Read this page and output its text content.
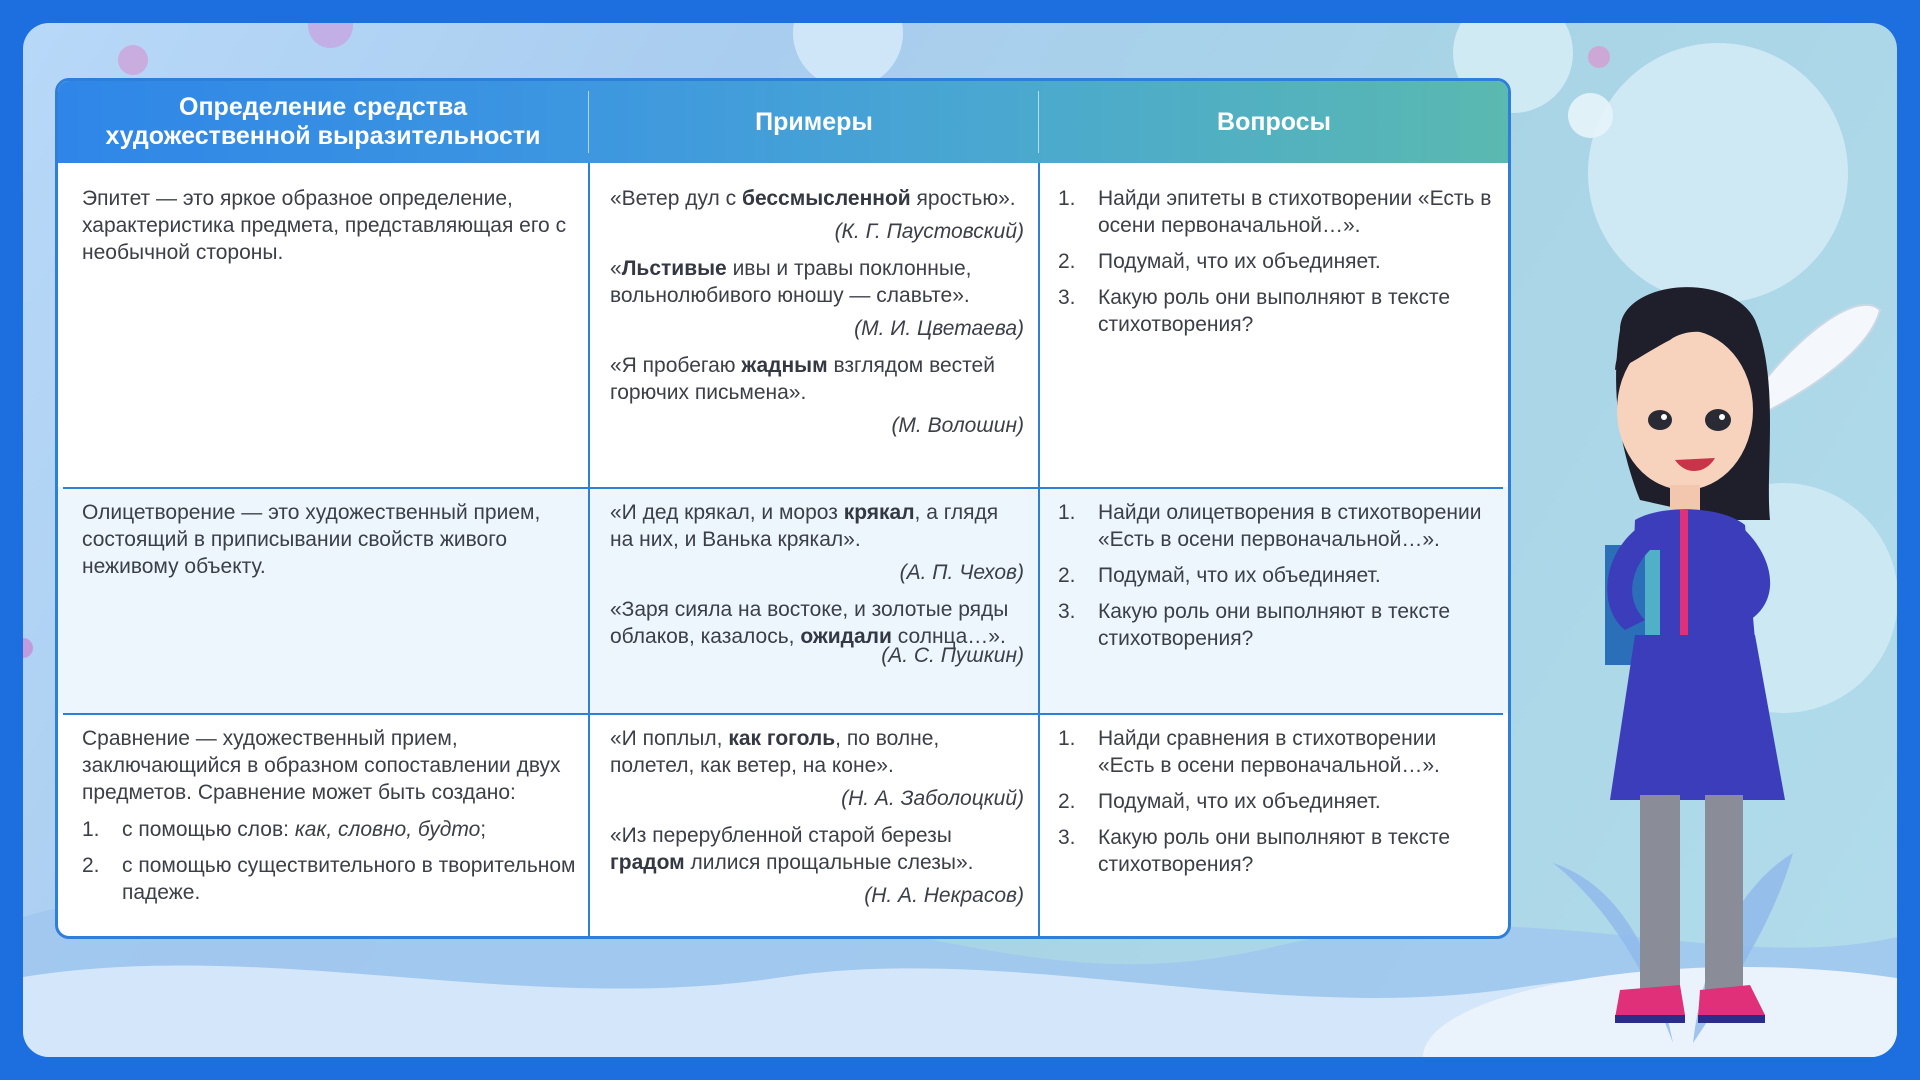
Определение средства художественной выразительности
Примеры	Вопросы

Эпитет — это яркое образное определение, характеристика предмета, представляющая его с необычной стороны.

«Ветер дул с бессмысленной яростью».

(К. Г. Паустовский)

«Льстивые ивы и травы поклонные, вольнолюбивого юношу — славьте».

(М. И. Цветаева)

«Я пробегаю жадным взглядом вестей горючих письмена».

(М. Волошин)

1. Найди эпитеты в стихотворении «Есть в осени первоначальной…».
2. Подумай, что их объединяет.
3. Какую роль они выполняют в тексте стихотворения?

Олицетворение — это художественный прием, состоящий в приписывании свойств живого неживому объекту.

«И дед крякал, и мороз крякал, а глядя на них, и Ванька крякал».

(А. П. Чехов)

«Заря сияла на востоке, и золотые ряды облаков, казалось, ожидали солнца…».

(А. С. Пушкин)

1. Найди олицетворения в стихотворении «Есть в осени первоначальной…».
2. Подумай, что их объединяет.
3. Какую роль они выполняют в тексте стихотворения?

Сравнение — художественный прием, заключающийся в образном сопоставлении двух предметов. Сравнение может быть создано:

1. с помощью слов: как, словно, будто;
2. с помощью существительного в творительном падеже.

«И поплыл, как гоголь, по волне, полетел, как ветер, на коне».

(Н. А. Заболоцкий)

«Из перерубленной старой березы градом лилися прощальные слезы».

(Н. А. Некрасов)

1. Найди сравнения в стихотворении «Есть в осени первоначальной…».
2. Подумай, что их объединяет.
3. Какую роль они выполняют в тексте стихотворения?
